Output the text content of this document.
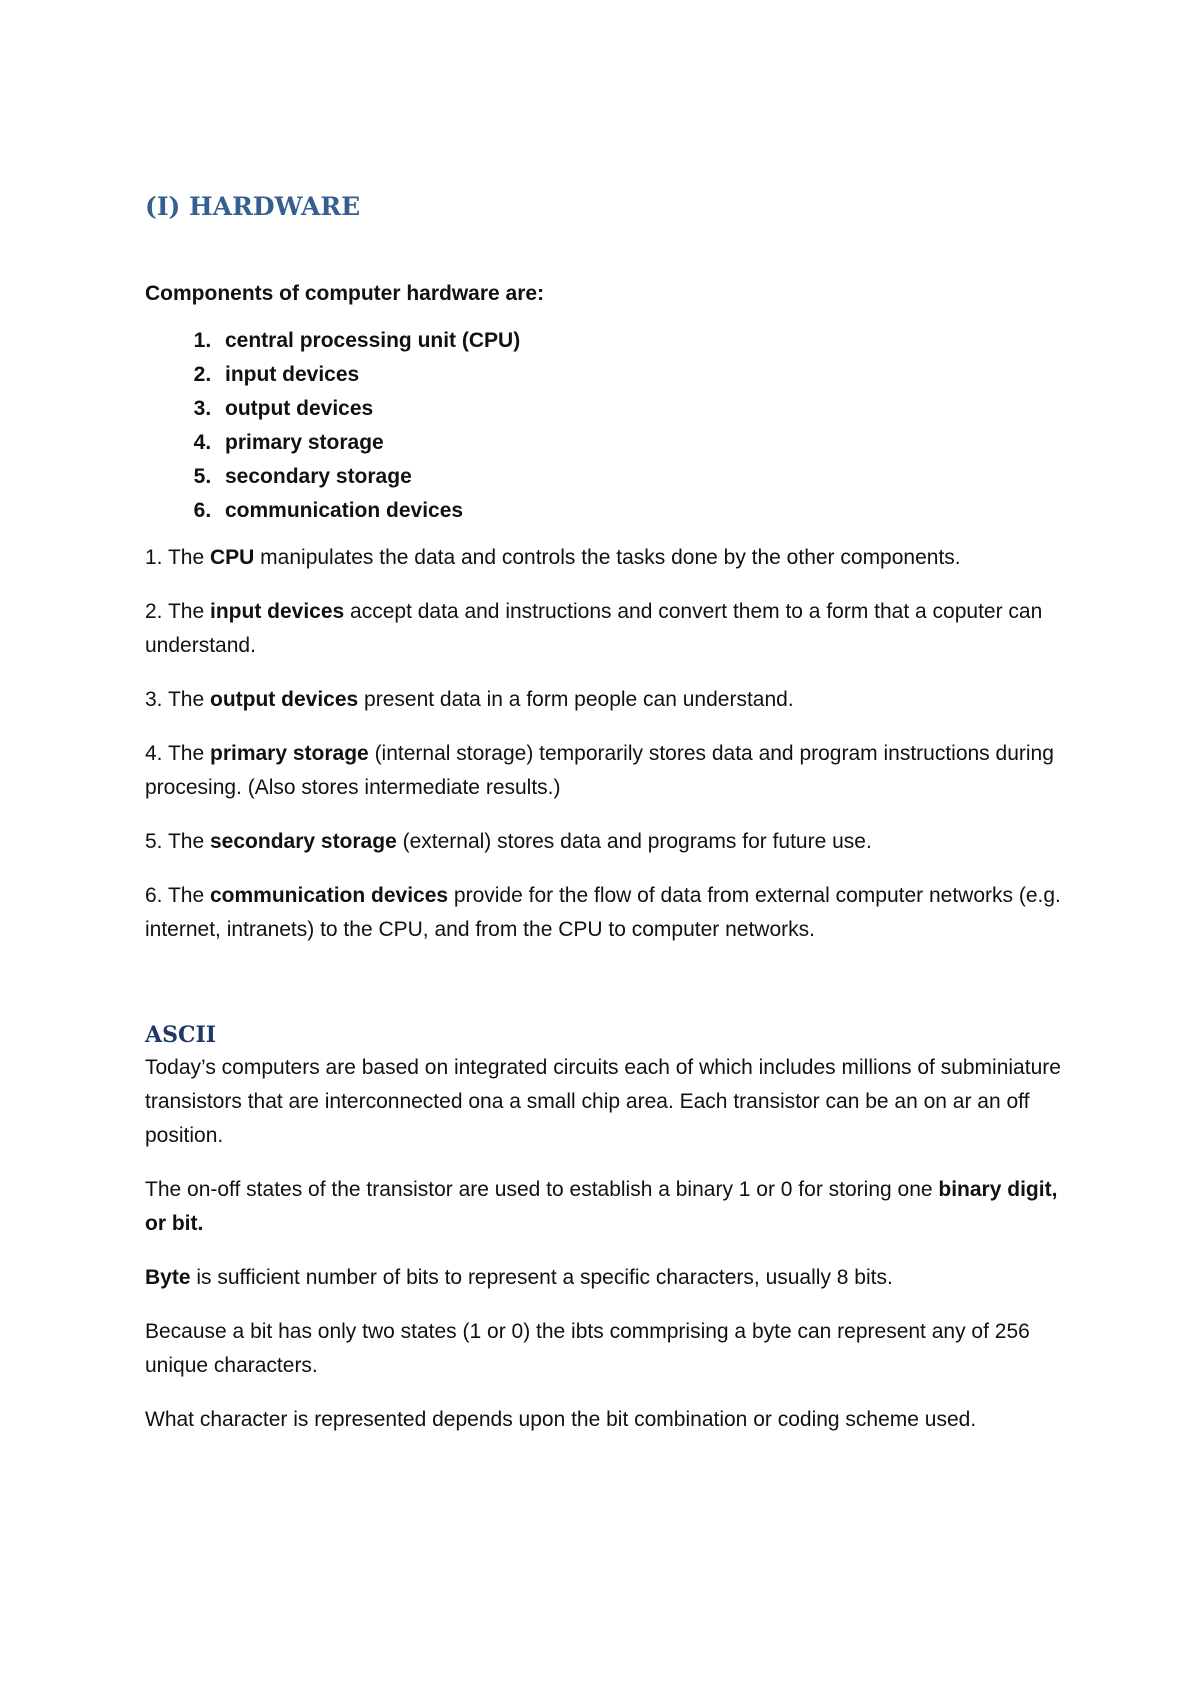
(I) HARDWARE

Components of computer hardware are:

1. central processing unit (CPU)
2. input devices
3. output devices
4. primary storage
5. secondary storage
6. communication devices

1. The CPU manipulates the data and controls the tasks done by the other components.

2. The input devices accept data and instructions and convert them to a form that a coputer can understand.

3. The output devices present data in a form people can understand.

4. The primary storage (internal storage) temporarily stores data and program instructions during procesing. (Also stores intermediate results.)

5. The secondary storage (external) stores data and programs for future use.

6. The communication devices provide for the flow of data from external computer networks (e.g. internet, intranets) to the CPU, and from the CPU to computer networks.

ASCII

Today’s computers are based on integrated circuits each of which includes millions of subminiature transistors that are interconnected ona a small chip area. Each transistor can be an on ar an off position.

The on-off states of the transistor are used to establish a binary 1 or 0 for storing one binary digit, or bit.

Byte is sufficient number of bits to represent a specific characters, usually 8 bits.

Because a bit has only two states (1 or 0) the ibts commprising a byte can represent any of 256 unique characters.

What character is represented depends upon the bit combination or coding scheme used.
